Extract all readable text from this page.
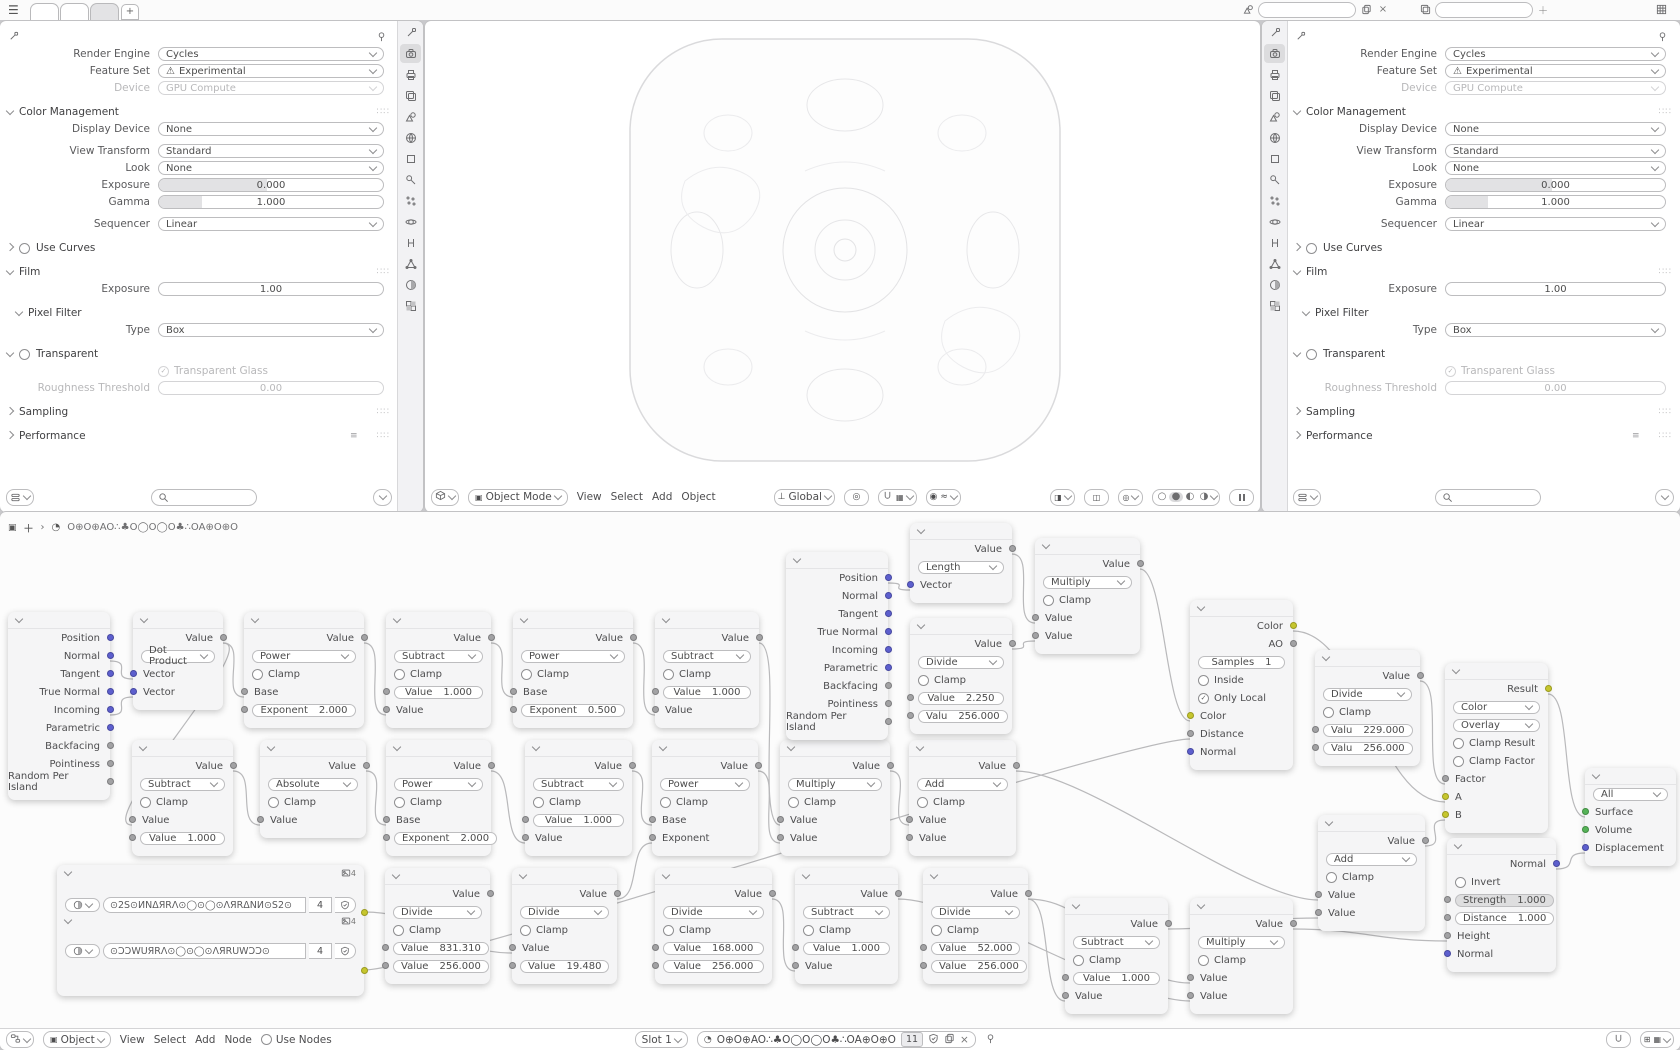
☰	+	×	＋
Render Engine Cycles
Feature Set ⚠ Experimental
Device GPU Compute
Color Management	∷∷
Display Device None
View Transform Standard
Look None
Exposure	0.000
Gamma	1.000
Sequencer Linear
Use Curves
Film	∷∷
Exposure	1.00
Pixel Filter
Type Box
Transparent
✓ Transparent Glass
Roughness Threshold	0.00
Sampling	∷∷
Performance	≡ ∷∷
▣ Object Mode View Select Add Object	⊥ Global	◎	▦	◉ ≈	◨	◫	◎	○ ● ◐ ◑
Render Engine Cycles
Feature Set ⚠ Experimental
Device GPU Compute
Color Management	∷∷
Display Device None
View Transform Standard
Look None
Exposure	0.000
Gamma	1.000
Sequencer Linear
Use Curves
Film	∷∷
Exposure	1.00
Pixel Filter
Type Box
Transparent
✓ Transparent Glass
Roughness Threshold	0.00
Sampling	∷∷
Performance	≡ ∷∷
Position
Normal
Tangent
True Normal
Incoming
Parametric
Backfacing
Pointiness
Random Per Island
Value
Dot Product
Vector
Vector
Value
Power
Clamp
Base
Exponent 2.000
Value
Subtract
Clamp
Value 1.000
Value
Value
Power
Clamp
Base
Exponent 0.500
Value
Subtract
Clamp
Value 1.000
Value
Value
Subtract
Clamp
Value
Value 1.000
Value
Absolute
Clamp
Value
Value
Power
Clamp
Base
Exponent 2.000
Value
Subtract
Clamp
Value 1.000
Value
Value
Power
Clamp
Base
Exponent
Value
Multiply
Clamp
Value
Value
Value
Add
Clamp
Value
Value
Position
Normal
Tangent
True Normal
Incoming
Parametric
Backfacing
Pointiness
Random Per Island
Value
Length
Vector
Value
Divide
Clamp
Value 2.250
Valu 256.000
Value
Multiply
Clamp
Value
Value
Color
AO
Samples 1
Inside
✓ Only Local
Color
Distance
Normal
Value
Divide
Clamp
Valu 229.000
Valu 256.000
Result
Color
Overlay
Clamp Result
Clamp Factor
Factor
A
B
Value
Add
Clamp
Value
Value
Normal
Invert
Strength 1.000
Distance 1.000
Height
Normal
All
Surface
Volume
Displacement
Value
Divide
Clamp
Value 831.310
Value 256.000
Value
Divide
Clamp
Value
Value 19.480
Value
Divide
Clamp
Value 168.000
Value 256.000
Value
Subtract
Clamp
Value 1.000
Value
Value
Divide
Clamp
Value 52.000
Value 256.000
Value
Subtract
Clamp
Value 1.000
Value
Value
Multiply
Clamp
Value
Value
4
⊙2S⊙ИNΔЯRΛ⊙◯⊙◯⊙ΛЯRΔNИ⊙S2⊙	4
4
⊙ƆƆWUЯRΛ⊙◯⊙◯⊙ΛЯRUWƆƆ⊙	4
▣ ＋ › ◔ O⊕O⊕AO∴♣O◯O◯O♣∴OA⊕O⊕O
▣ Object View Select Add Node Use Nodes	Slot 1	◔ O⊕O⊕AO∴♣O◯O◯O♣∴OA⊕O⊕O	11	×	⊞ ▦
